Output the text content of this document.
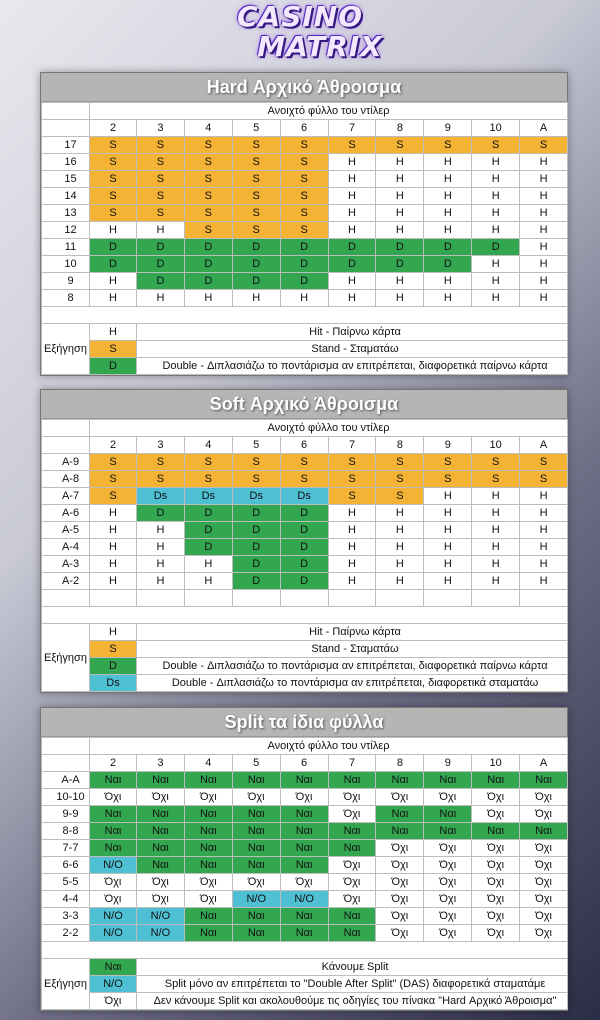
CASINO
MATRIX
Hard Αρχικό Άθροισμα
	Ανοιχτό φύλλο του ντίλερ									
	2	3	4	5	6	7	8	9	10	A
17	S	S	S	S	S	S	S	S	S	S
16	S	S	S	S	S	H	H	H	H	H
15	S	S	S	S	S	H	H	H	H	H
14	S	S	S	S	S	H	H	H	H	H
13	S	S	S	S	S	H	H	H	H	H
12	H	H	S	S	S	H	H	H	H	H
11	D	D	D	D	D	D	D	D	D	H
10	D	D	D	D	D	D	D	D	H	H
9	H	D	D	D	D	H	H	H	H	H
8	H	H	H	H	H	H	H	H	H	H

Εξήγηση	H	Hit - Παίρνω κάρτα								
	S	Stand - Σταματάω								
	D	Double - Διπλασιάζω το ποντάρισμα αν επιτρέπεται, διαφορετικά παίρνω κάρτα								
Soft Αρχικό Άθροισμα
	Ανοιχτό φύλλο του ντίλερ									
	2	3	4	5	6	7	8	9	10	A
A-9	S	S	S	S	S	S	S	S	S	S
A-8	S	S	S	S	S	S	S	S	S	S
A-7	S	Ds	Ds	Ds	Ds	S	S	H	H	H
A-6	H	D	D	D	D	H	H	H	H	H
A-5	H	H	D	D	D	H	H	H	H	H
A-4	H	H	D	D	D	H	H	H	H	H
A-3	H	H	H	D	D	H	H	H	H	H
A-2	H	H	H	D	D	H	H	H	H	H

Εξήγηση	H	Hit - Παίρνω κάρτα								
	S	Stand - Σταματάω								
	D	Double - Διπλασιάζω το ποντάρισμα αν επιτρέπεται, διαφορετικά παίρνω κάρτα								
	Ds	Double - Διπλασιάζω το ποντάρισμα αν επιτρέπεται, διαφορετικά σταματάω								
Split τα ίδια φύλλα
	Ανοιχτό φύλλο του ντίλερ									
	2	3	4	5	6	7	8	9	10	A
A-A	Ναι	Ναι	Ναι	Ναι	Ναι	Ναι	Ναι	Ναι	Ναι	Ναι
10-10	Όχι	Όχι	Όχι	Όχι	Όχι	Όχι	Όχι	Όχι	Όχι	Όχι
9-9	Ναι	Ναι	Ναι	Ναι	Ναι	Όχι	Ναι	Ναι	Όχι	Όχι
8-8	Ναι	Ναι	Ναι	Ναι	Ναι	Ναι	Ναι	Ναι	Ναι	Ναι
7-7	Ναι	Ναι	Ναι	Ναι	Ναι	Ναι	Όχι	Όχι	Όχι	Όχι
6-6	N/O	Ναι	Ναι	Ναι	Ναι	Όχι	Όχι	Όχι	Όχι	Όχι
5-5	Όχι	Όχι	Όχι	Όχι	Όχι	Όχι	Όχι	Όχι	Όχι	Όχι
4-4	Όχι	Όχι	Όχι	N/O	N/O	Όχι	Όχι	Όχι	Όχι	Όχι
3-3	N/O	N/O	Ναι	Ναι	Ναι	Ναι	Όχι	Όχι	Όχι	Όχι
2-2	N/O	N/O	Ναι	Ναι	Ναι	Ναι	Όχι	Όχι	Όχι	Όχι

Εξήγηση	Ναι	Κάνουμε Split								
	N/O	Split μόνο αν επιτρέπεται το "Double After Split" (DAS) διαφορετικά σταματάμε								
	Όχι	Δεν κάνουμε Split και ακολουθούμε τις οδηγίες του πίνακα "Hard Αρχικό Άθροισμα"								
